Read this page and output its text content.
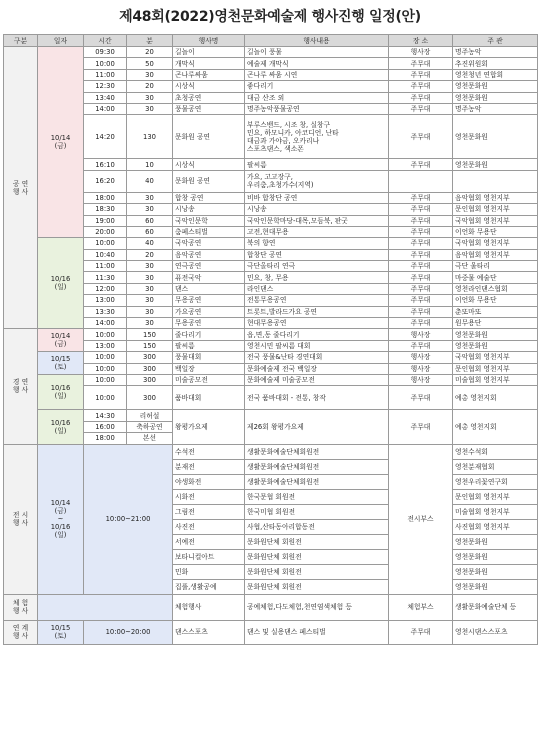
제48회(2022)영천문화예술제 행사진행 일정(안)
구분	일자	시간	분	행사명	행사내용	장 소	주 관
공 연
행 사	10/14
(금)	09:30	20	길놀이	길놀이 풍물	행사장	명주농악
		10:00	50	개막식	예술제 개막식	주무대	추진위원회
		11:00	30	곤나루싸움	곤나루 싸움 시연	주무대	영천청년 연합회
		12:30	20	시상식	좋다리기	주무대	영천문화원
		13:40	30	초청공연	대금 산조 외	주무대	영천문화원
		14:00	30	풍물공연	명주농악풍물공연	주무대	명주농악
		14:20	130	문화원 공연	부루스밴드, 시조 창, 실창구
민요, 하모니카, 아코디언, 난타
대금과 가야금, 오카리나
스포츠댄스, 색소폰	주무대	영천문화원
		16:10	10	시상식	팔씨름	주무대	영천문화원
		16:20	40	문화원 공연	가요, 고고장구,
우리춤,초청가수(지역)		
		18:00	30	합창 공연	비바 합창단 공연	주무대	음악협회 영천지부
		18:30	30	시낭송	시낭송	주무대	문인협회 영천지부
		19:00	60	국악인문학	국악인문학마당-대목,모듬북, 판굿	주무대	국악협회 영천지부
		20:00	60	춤페스티벌	고전,현대무용	주무대	이언화 무용단
	10/16
(일)	10:00	40	국악공연	북의 향연	주무대	국악협회 영천지부
		10:40	20	음악공연	합창단 공연	주무대	음악협회 영천지부
		11:00	30	연극공연	극단올타리 연극	주무대	극단 울타리
		11:30	30	퓨전국악	민요, 창, 무용	주무대	마중물 예술단
		12:00	30	댄스	라인댄스	주무대	영천라인댄스협회
		13:00	30	무용공연	전통무용공연	주무대	이언화 무용단
		13:30	30	가요공연	트롯트,발라드가요 공연	주무대	춘또마또
		14:00	30	무용공연	현대무용공연	주무대	원무용단
경 연
행 사	10/14
(금)	10:00	150	줄다리기	읍,면,동 줄다리기	행사장	영천문화원
		13:00	150	팔씨름	영천시민 팔씨름 대회	주무대	영천문화원
	10/15
(토)	10:00	300	풍물대회	전국 풍물&난타 경연대회	행사장	국악협회 영천지부
		10:00	300	백일장	문화예술제 전국 백일장	행사장	문인협회 영천지부
	10/16
(일)	10:00	300	미술공모전	문화예술제 미술공모전	행사장	미술협회 영천지부
		10:00	300	품바대회	전국 품바대회 - 전통, 창작	주무대	예총 영천지회
	10/16
(일)	14:30	리허설	왕평가요제	제26회 왕평가요제	주무대	예총 영천지회
		16:00	축하공연				
		18:00	본선				
전 시
행 사	10/14
(금)
~
10/16
(일)	10:00~21:00		수석전	생활문화예술단체회원전	전시부스	영천수석회
				분재전	생활문화예술단체회원전		영천분재협회
				야생화전	생활문화예술단체회원전		영천우리꽃연구회
				시화전	한국문협 회원전		문인협회 영천지부
				그림전	한국미협 회원전		미술협회 영천지부
				사진전	사협,산타동아리합동전		사진협회 영천지부
				서예전	문화원단체 회원전		영천문화원
				보타니컬아트	문화원단체 회원전		영천문화원
				민화	문화원단체 회원전		영천문화원
				집풀,생활공예	문화원단체 회원전		영천문화원
체 험
행 사				체험행사	공예체험,다도체험,천연염색체험 등	체험부스	생활문화예술단체 등
연 계
행 사	10/15
(토)	10:00~20:00		댄스스포츠	댄스 및 실용댄스 페스티벌	주무대	영천시댄스스포츠
